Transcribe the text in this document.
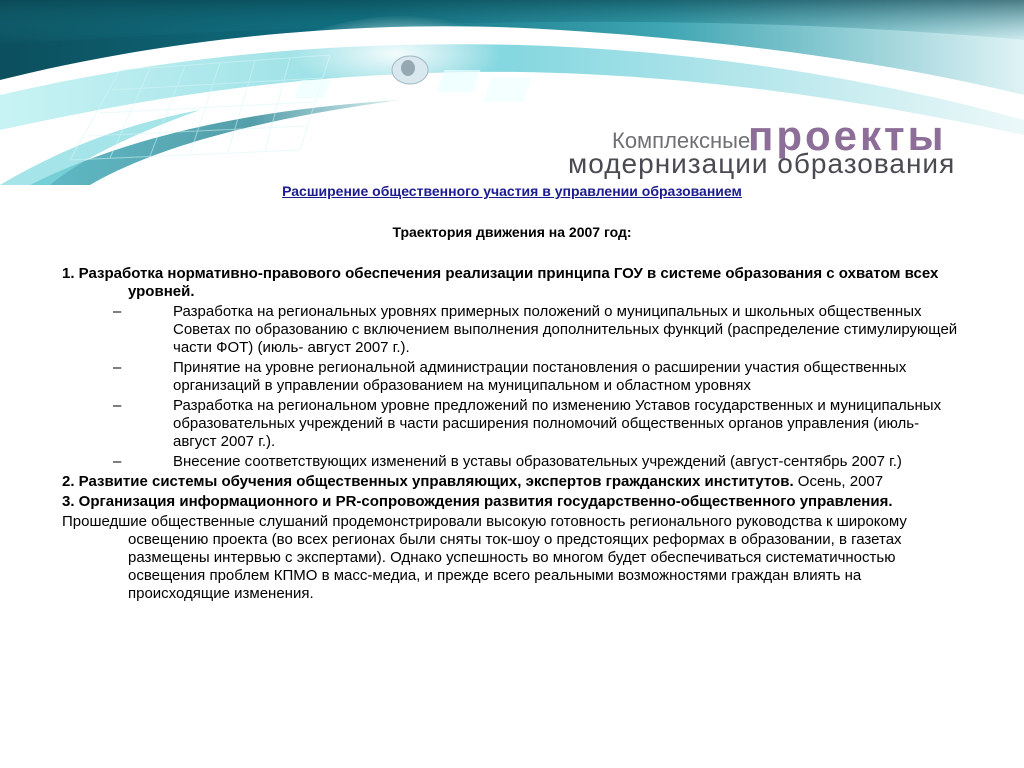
Комплексные
проекты
модернизации образования
Расширение общественного участия в управлении образованием
Траектория движения на 2007 год:

1. Разработка нормативно-правового обеспечения реализации принципа ГОУ в системе образования с охватом всех уровней.

–	Разработка на региональных уровнях примерных положений о муниципальных и школьных общественных Советах по образованию с включением выполнения дополнительных функций (распределение стимулирующей части ФОТ) (июль- август 2007 г.).
–	Принятие на уровне региональной администрации постановления о расширении участия общественных организаций в управлении образованием на муниципальном и областном уровнях
–	Разработка на региональном уровне предложений по изменению Уставов государственных и муниципальных образовательных учреждений в части расширения полномочий общественных органов управления (июль- август 2007 г.).
–	Внесение соответствующих изменений в уставы образовательных учреждений (август-сентябрь 2007 г.)

2. Развитие системы обучения общественных управляющих, экспертов гражданских институтов. Осень, 2007

3. Организация информационного и PR-сопровождения развития государственно-общественного управления.

Прошедшие общественные слушаний продемонстрировали высокую готовность регионального руководства к широкому освещению проекта (во всех регионах были сняты ток-шоу о предстоящих реформах в образовании, в газетах размещены интервью с экспертами). Однако успешность во многом будет обеспечиваться систематичностью освещения проблем КПМО в масс-медиа, и прежде всего реальными возможностями граждан влиять на происходящие изменения.
